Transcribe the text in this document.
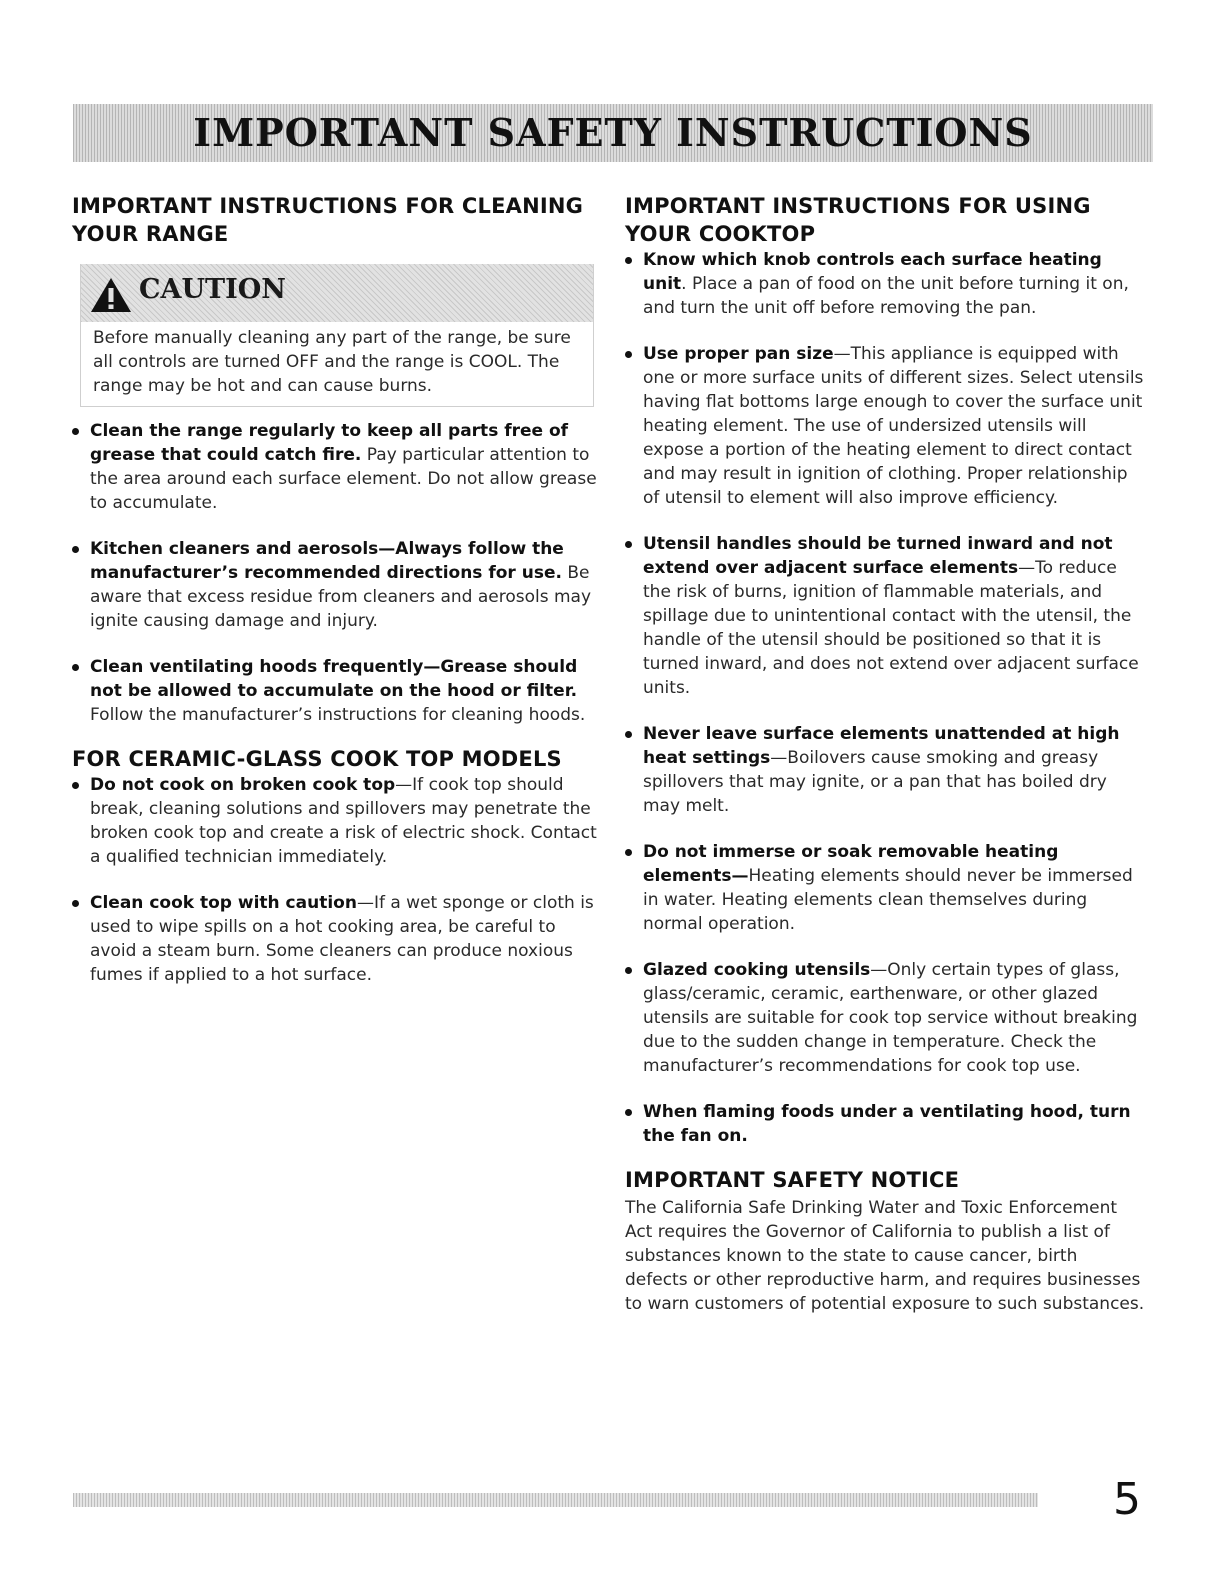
IMPORTANT SAFETY INSTRUCTIONS
IMPORTANT INSTRUCTIONS FOR CLEANING YOUR RANGE
CAUTION
Before manually cleaning any part of the range, be sure all controls are turned OFF and the range is COOL. The range may be hot and can cause burns.
Clean the range regularly to keep all parts free of grease that could catch fire. Pay particular attention to the area around each surface element. Do not allow grease to accumulate.
Kitchen cleaners and aerosols—Always follow the manufacturer’s recommended directions for use. Be aware that excess residue from cleaners and aerosols may ignite causing damage and injury.
Clean ventilating hoods frequently—Grease should not be allowed to accumulate on the hood or filter. Follow the manufacturer’s instructions for cleaning hoods.
FOR CERAMIC-GLASS COOK TOP MODELS
Do not cook on broken cook top—If cook top should break, cleaning solutions and spillovers may penetrate the broken cook top and create a risk of electric shock. Contact a qualified technician immediately.
Clean cook top with caution—If a wet sponge or cloth is used to wipe spills on a hot cooking area, be careful to avoid a steam burn. Some cleaners can produce noxious fumes if applied to a hot surface.
IMPORTANT INSTRUCTIONS FOR USING YOUR COOKTOP
Know which knob controls each surface heating unit. Place a pan of food on the unit before turning it on, and turn the unit off before removing the pan.
Use proper pan size—This appliance is equipped with one or more surface units of different sizes. Select utensils having flat bottoms large enough to cover the surface unit heating element. The use of undersized utensils will expose a portion of the heating element to direct contact and may result in ignition of clothing. Proper relationship of utensil to element will also improve efficiency.
Utensil handles should be turned inward and not extend over adjacent surface elements—To reduce the risk of burns, ignition of flammable materials, and spillage due to unintentional contact with the utensil, the handle of the utensil should be positioned so that it is turned inward, and does not extend over adjacent surface units.
Never leave surface elements unattended at high heat settings—Boilovers cause smoking and greasy spillovers that may ignite, or a pan that has boiled dry may melt.
Do not immerse or soak removable heating elements—Heating elements should never be immersed in water. Heating elements clean themselves during normal operation.
Glazed cooking utensils—Only certain types of glass, glass/ceramic, ceramic, earthenware, or other glazed utensils are suitable for cook top service without breaking due to the sudden change in temperature. Check the manufacturer’s recommendations for cook top use.
When flaming foods under a ventilating hood, turn the fan on.
IMPORTANT SAFETY NOTICE
The California Safe Drinking Water and Toxic Enforcement Act requires the Governor of California to publish a list of substances known to the state to cause cancer, birth defects or other reproductive harm, and requires businesses to warn customers of potential exposure to such substances.
5
